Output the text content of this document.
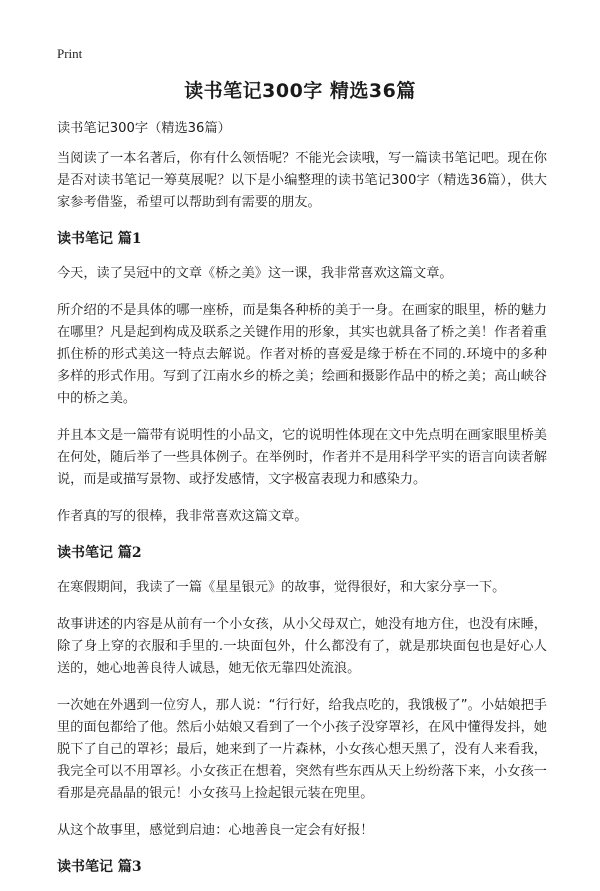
Print
读书笔记300字 精选36篇

读书笔记300字（精选36篇）

当阅读了一本名著后，你有什么领悟呢？不能光会读哦，写一篇读书笔记吧。现在你是否对读书笔记一筹莫展呢？以下是小编整理的读书笔记300字（精选36篇），供大家参考借鉴，希望可以帮助到有需要的朋友。

读书笔记 篇1

今天，读了吴冠中的文章《桥之美》这一课，我非常喜欢这篇文章。

所介绍的不是具体的哪一座桥，而是集各种桥的美于一身。在画家的眼里，桥的魅力在哪里？凡是起到构成及联系之关键作用的形象，其实也就具备了桥之美！作者着重抓住桥的形式美这一特点去解说。作者对桥的喜爱是缘于桥在不同的.环境中的多种多样的形式作用。写到了江南水乡的桥之美；绘画和摄影作品中的桥之美；高山峡谷中的桥之美。

并且本文是一篇带有说明性的小品文，它的说明性体现在文中先点明在画家眼里桥美在何处，随后举了一些具体例子。在举例时，作者并不是用科学平实的语言向读者解说，而是或描写景物、或抒发感情，文字极富表现力和感染力。

作者真的写的很棒，我非常喜欢这篇文章。

读书笔记 篇2

在寒假期间，我读了一篇《星星银元》的故事，觉得很好，和大家分享一下。

故事讲述的内容是从前有一个小女孩，从小父母双亡，她没有地方住，也没有床睡，除了身上穿的衣服和手里的.一块面包外，什么都没有了，就是那块面包也是好心人送的，她心地善良待人诚恳，她无依无靠四处流浪。

一次她在外遇到一位穷人，那人说：“行行好，给我点吃的，我饿极了”。小姑娘把手里的面包都给了他。然后小姑娘又看到了一个小孩子没穿罩衫，在风中懂得发抖，她脱下了自己的罩衫；最后，她来到了一片森林，小女孩心想天黑了，没有人来看我，我完全可以不用罩衫。小女孩正在想着，突然有些东西从天上纷纷落下来，小女孩一看那是亮晶晶的银元！小女孩马上捡起银元装在兜里。

从这个故事里，感觉到启迪：心地善良一定会有好报！

读书笔记 篇3
